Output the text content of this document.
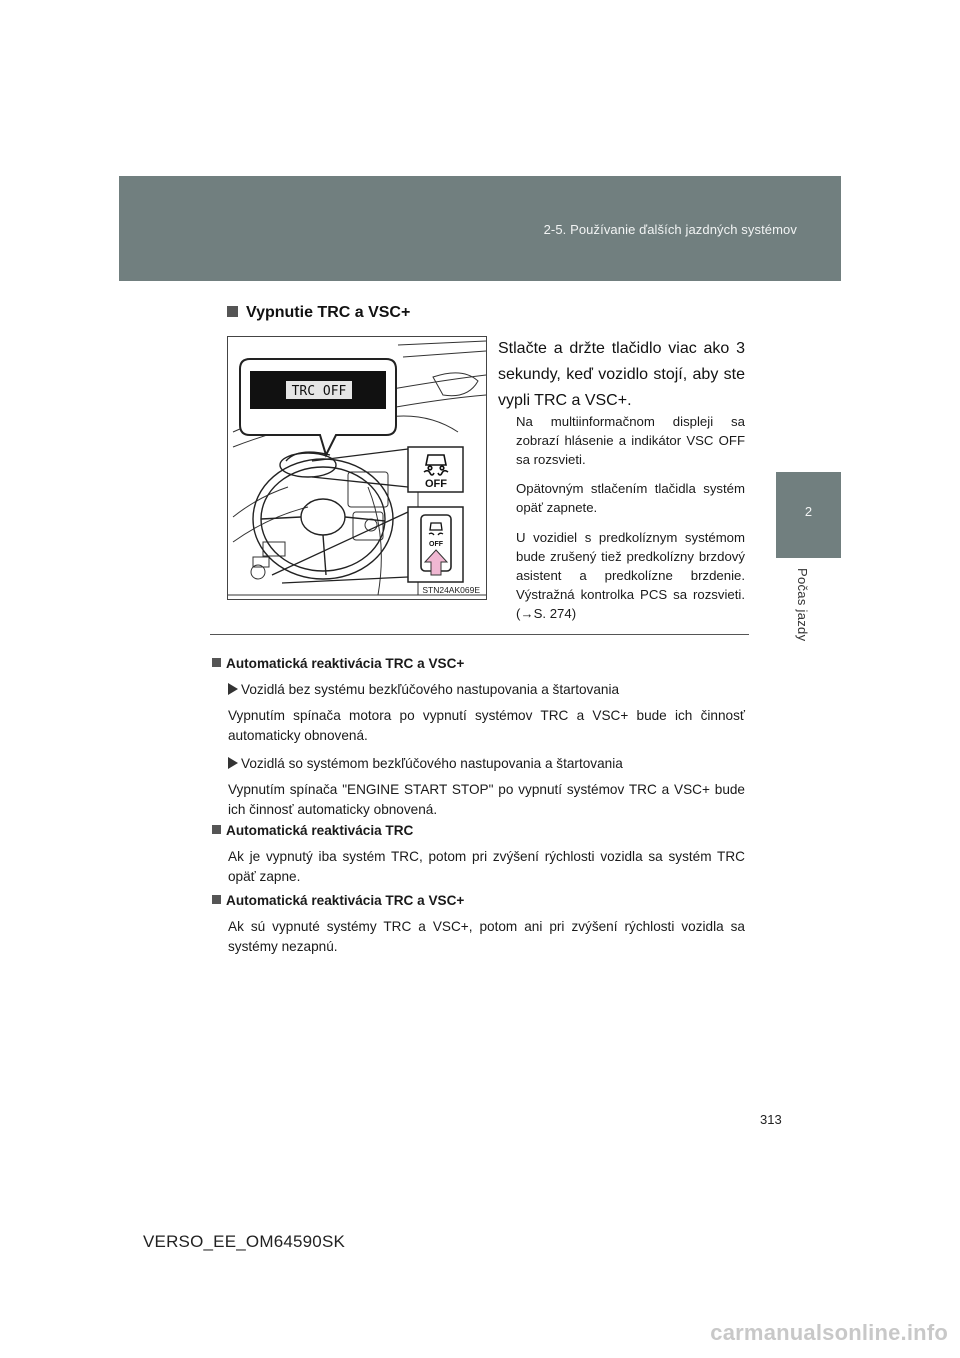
2-5. Používanie ďalších jazdných systémov
2
Počas jazdy
Vypnutie TRC a VSC+
TRC OFF
OFF
OFF
STN24AK069E
Stlačte a držte tlačidlo viac ako 3 sekundy, keď vozidlo stojí, aby ste vypli TRC a VSC+.
Na multiinformačnom displeji sa zobrazí hlásenie a indikátor VSC OFF sa rozsvieti.
Opätovným stlačením tlačidla systém opäť zapnete.
U vozidiel s predkolíznym systémom bude zrušený tiež predkolízny brzdový asistent a predkolízne brzdenie. Výstražná kontrolka PCS sa rozsvieti. (→S. 274)
Automatická reaktivácia TRC a VSC+
Vozidlá bez systému bezkľúčového nastupovania a štartovania
Vypnutím spínača motora po vypnutí systémov TRC a VSC+ bude ich činnosť automaticky obnovená.
Vozidlá so systémom bezkľúčového nastupovania a štartovania
Vypnutím spínača "ENGINE START STOP" po vypnutí systémov TRC a VSC+ bude ich činnosť automaticky obnovená.
Automatická reaktivácia TRC
Ak je vypnutý iba systém TRC, potom pri zvýšení rýchlosti vozidla sa systém TRC opäť zapne.
Automatická reaktivácia TRC a VSC+
Ak sú vypnuté systémy TRC a VSC+, potom ani pri zvýšení rýchlosti vozidla sa systémy nezapnú.
313
VERSO_EE_OM64590SK
carmanualsonline.info
